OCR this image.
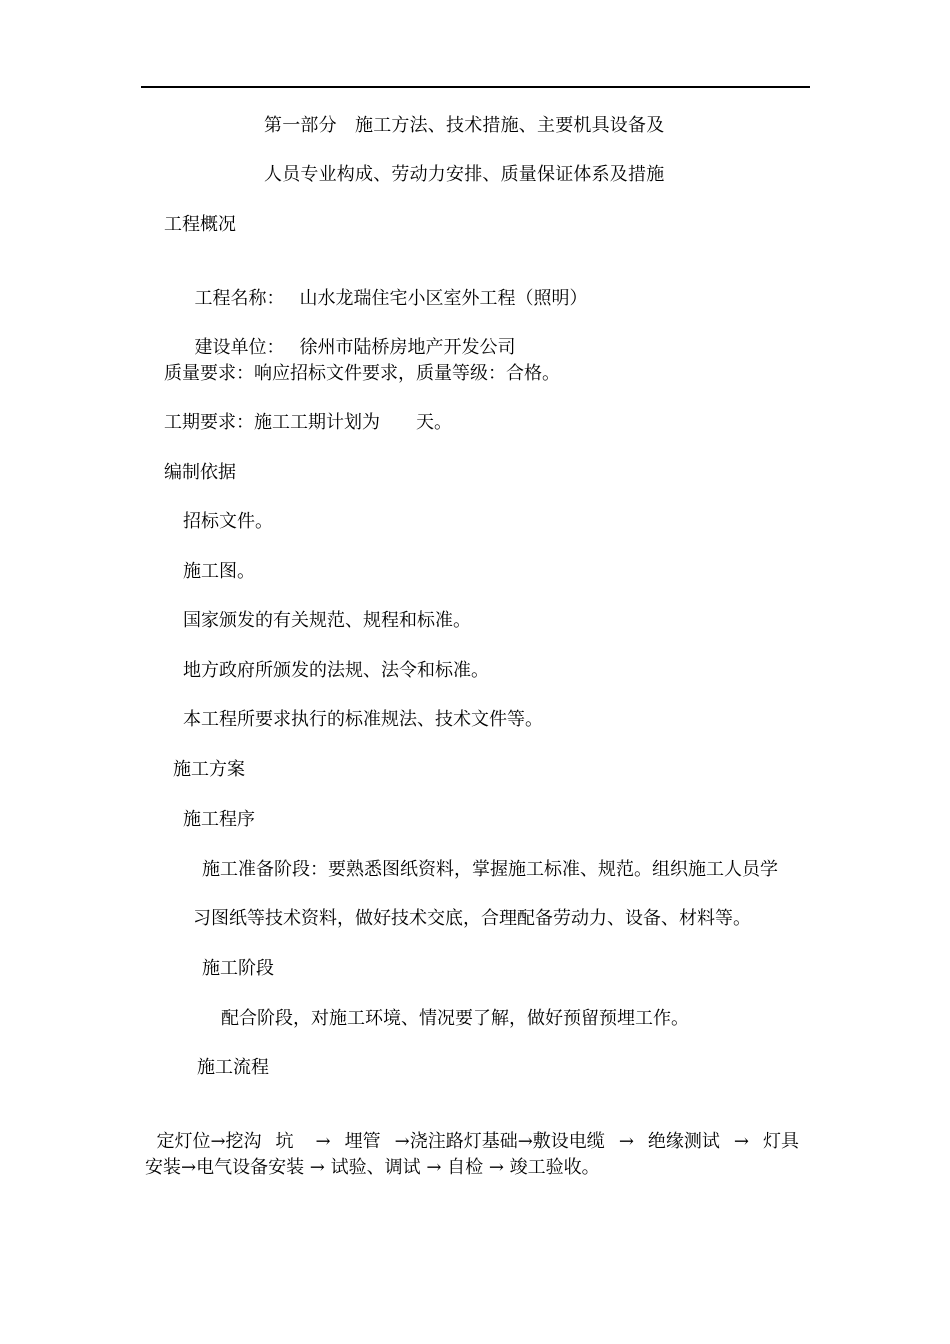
第一部分　施工方法、技术措施、主要机具设备及
人员专业构成、劳动力安排、质量保证体系及措施
工程概况

工程名称： 山水龙瑞住宅小区室外工程（照明）

建设单位： 徐州市陆桥房地产开发公司

质量要求：响应招标文件要求，质量等级：合格。
工期要求：施工工期计划为　　天。
编制依据
招标文件。
施工图。
国家颁发的有关规范、规程和标准。
地方政府所颁发的法规、法令和标准。
本工程所要求执行的标准规法、技术文件等。
施工方案
施工程序
施工准备阶段：要熟悉图纸资料，掌握施工标准、规范。组织施工人员学
习图纸等技术资料，做好技术交底，合理配备劳动力、设备、材料等。
施工阶段
配合阶段，对施工环境、情况要了解，做好预留预埋工作。
施工流程

定灯位→挖沟 坑 → 埋管 →浇注路灯基础→敷设电缆 → 绝缘测试 → 灯具

安装→电气设备安装 → 试验、调试 → 自检 → 竣工验收。
